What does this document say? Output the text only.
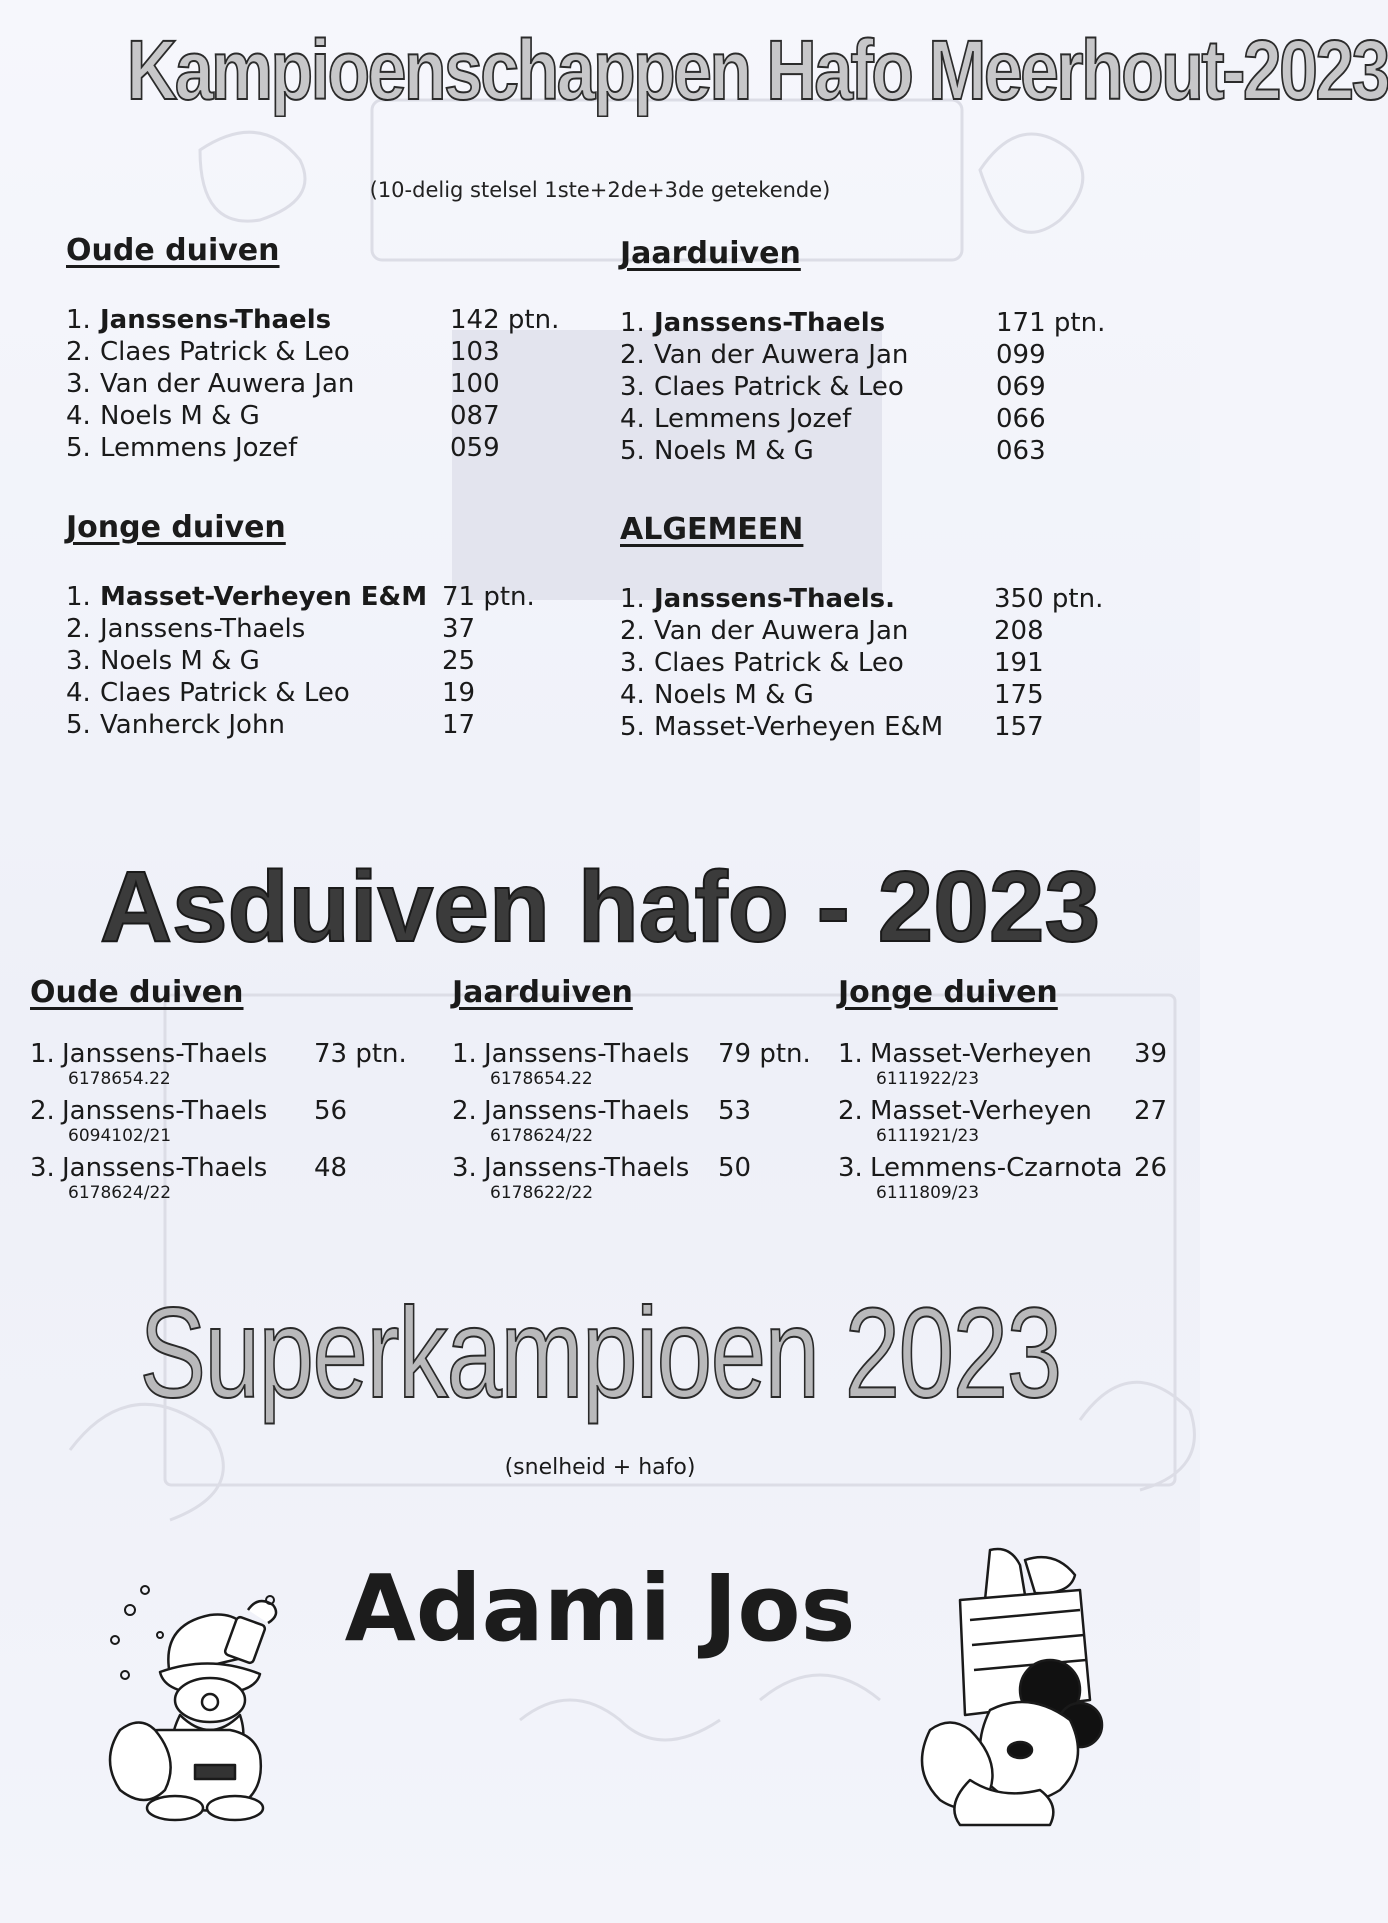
Kampioenschappen Hafo Meerhout-2023
(10-delig stelsel 1ste+2de+3de getekende)
Oude duiven
1. Janssens-Thaels	142 ptn.
2. Claes Patrick & Leo	103
3. Van der Auwera Jan	100
4. Noels M & G	087
5. Lemmens Jozef	059
Jaarduiven
1. Janssens-Thaels	171 ptn.
2. Van der Auwera Jan	099
3. Claes Patrick & Leo	069
4. Lemmens Jozef	066
5. Noels M & G	063
Jonge duiven
1. Masset-Verheyen E&M 71 ptn.
2. Janssens-Thaels	37
3. Noels M & G	25
4. Claes Patrick & Leo	19
5. Vanherck John	17
ALGEMEEN
1. Janssens-Thaels.	350 ptn.
2. Van der Auwera Jan	208
3. Claes Patrick & Leo	191
4. Noels M & G	175
5. Masset-Verheyen E&M	157
Asduiven hafo - 2023
Oude duiven
1. Janssens-Thaels 73 ptn.
6178654.22
2. Janssens-Thaels 56
6094102/21
3. Janssens-Thaels 48
6178624/22
Jaarduiven
1. Janssens-Thaels 79 ptn.
6178654.22
2. Janssens-Thaels 53
6178624/22
3. Janssens-Thaels 50
6178622/22
Jonge duiven
1. Masset-Verheyen 39
6111922/23
2. Masset-Verheyen 27
6111921/23
3. Lemmens-Czarnota 26
6111809/23
Superkampioen 2023
(snelheid + hafo)
Adami Jos
